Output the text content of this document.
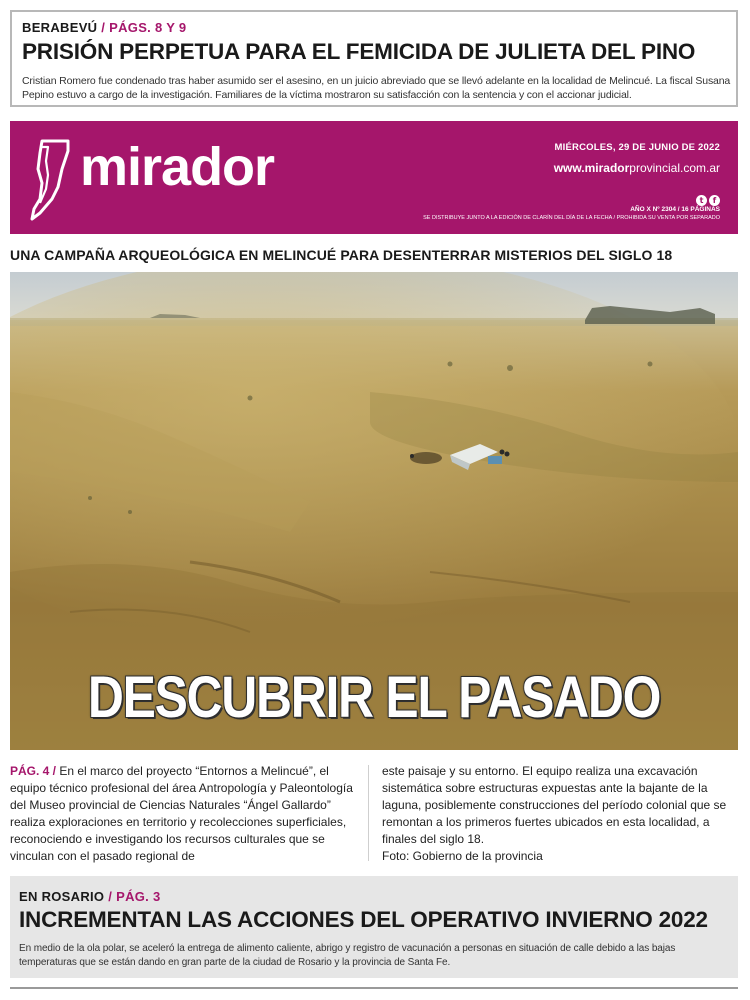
BERABEVÚ / PÁGS. 8 Y 9
PRISIÓN PERPETUA PARA EL FEMICIDA DE JULIETA DEL PINO
Cristian Romero fue condenado tras haber asumido ser el asesino, en un juicio abreviado que se llevó adelante en la localidad de Melincué. La fiscal Susana Pepino estuvo a cargo de la investigación. Familiares de la víctima mostraron su satisfacción con la sentencia y con el accionar judicial.
mirador	MIÉRCOLES, 29 DE JUNIO DE 2022
www.miradorprovincial.com.ar
t f
AÑO X Nº 2304 / 16 PÁGINAS
SE DISTRIBUYE JUNTO A LA EDICIÓN DE CLARÍN DEL DÍA DE LA FECHA / PROHIBIDA SU VENTA POR SEPARADO
UNA CAMPAÑA ARQUEOLÓGICA EN MELINCUÉ PARA DESENTERRAR MISTERIOS DEL SIGLO 18
DESCUBRIR EL PASADO
PÁG. 4 / En el marco del proyecto “Entornos a Melincué”, el equipo técnico profesional del área Antropología y Paleontología del Museo provincial de Ciencias Naturales “Ángel Gallardo” realiza exploraciones en territorio y recolecciones superficiales, reconociendo e investigando los recursos culturales que se vinculan con el pasado regional de
este paisaje y su entorno. El equipo realiza una excavación sistemática sobre estructuras expuestas ante la bajante de la laguna, posiblemente construcciones del período colonial que se remontan a los primeros fuertes ubicados en esta localidad, a finales del siglo 18.
Foto: Gobierno de la provincia
EN ROSARIO / PÁG. 3
INCREMENTAN LAS ACCIONES DEL OPERATIVO INVIERNO 2022
En medio de la ola polar, se aceleró la entrega de alimento caliente, abrigo y registro de vacunación a personas en situación de calle debido a las bajas temperaturas que se están dando en gran parte de la ciudad de Rosario y la provincia de Santa Fe.
